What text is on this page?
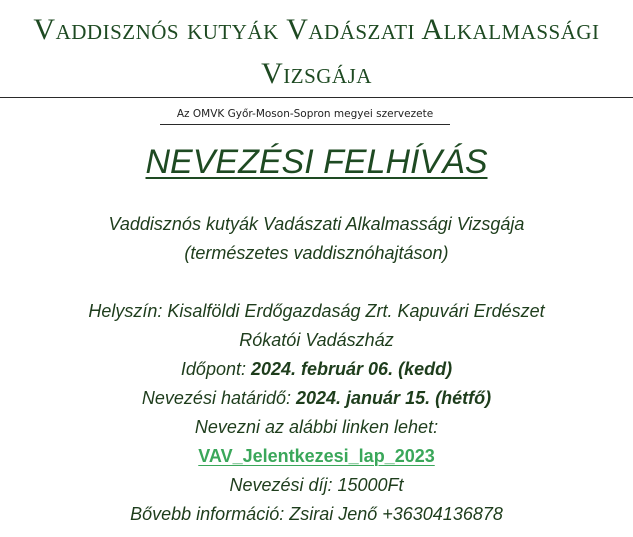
Vaddisznós kutyák Vadászati Alkalmassági
Vizsgája
Az OMVK Győr-Moson-Sopron megyei szervezete
NEVEZÉSI FELHÍVÁS
Vaddisznós kutyák Vadászati Alkalmassági Vizsgája
(természetes vaddisznóhajtáson)
Helyszín: Kisalföldi Erdőgazdaság Zrt. Kapuvári Erdészet
Rókatói Vadászház
Időpont: 2024. február 06. (kedd)
Nevezési határidő: 2024. január 15. (hétfő)
Nevezni az alábbi linken lehet:
VAV_Jelentkezesi_lap_2023
Nevezési díj: 15000Ft
Bővebb információ: Zsirai Jenő +36304136878
